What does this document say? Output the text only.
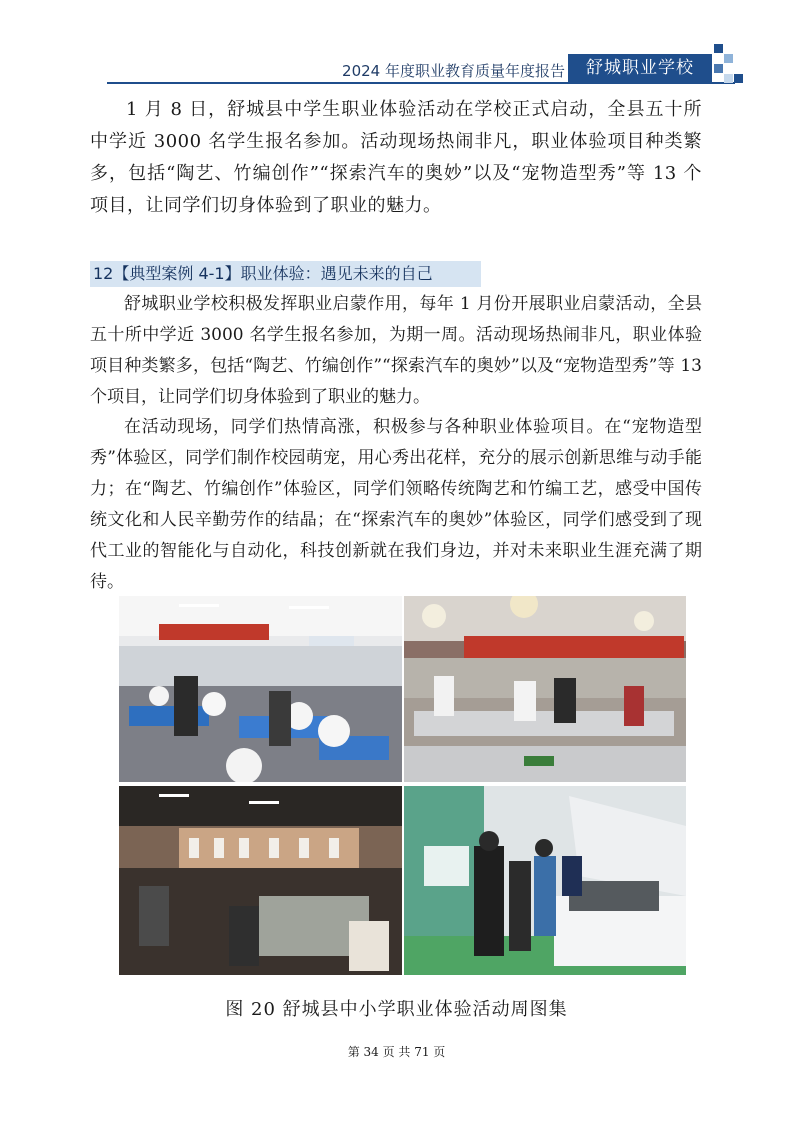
2024 年度职业教育质量年度报告	舒城职业学校
1 月 8 日，舒城县中学生职业体验活动在学校正式启动，全县五十所中学近 3000 名学生报名参加。活动现场热闹非凡，职业体验项目种类繁多，包括“陶艺、竹编创作”“探索汽车的奥妙”以及“宠物造型秀”等 13 个项目，让同学们切身体验到了职业的魅力。
12【典型案例 4-1】职业体验：遇见未来的自己
舒城职业学校积极发挥职业启蒙作用，每年 1 月份开展职业启蒙活动，全县五十所中学近 3000 名学生报名参加，为期一周。活动现场热闹非凡，职业体验项目种类繁多，包括“陶艺、竹编创作”“探索汽车的奥妙”以及“宠物造型秀”等 13 个项目，让同学们切身体验到了职业的魅力。
在活动现场，同学们热情高涨，积极参与各种职业体验项目。在“宠物造型秀”体验区，同学们制作校园萌宠，用心秀出花样，充分的展示创新思维与动手能力；在“陶艺、竹编创作”体验区，同学们领略传统陶艺和竹编工艺，感受中国传统文化和人民辛勤劳作的结晶；在“探索汽车的奥妙”体验区，同学们感受到了现代工业的智能化与自动化，科技创新就在我们身边，并对未来职业生涯充满了期待。
图 20 舒城县中小学职业体验活动周图集
第 34 页 共 71 页
